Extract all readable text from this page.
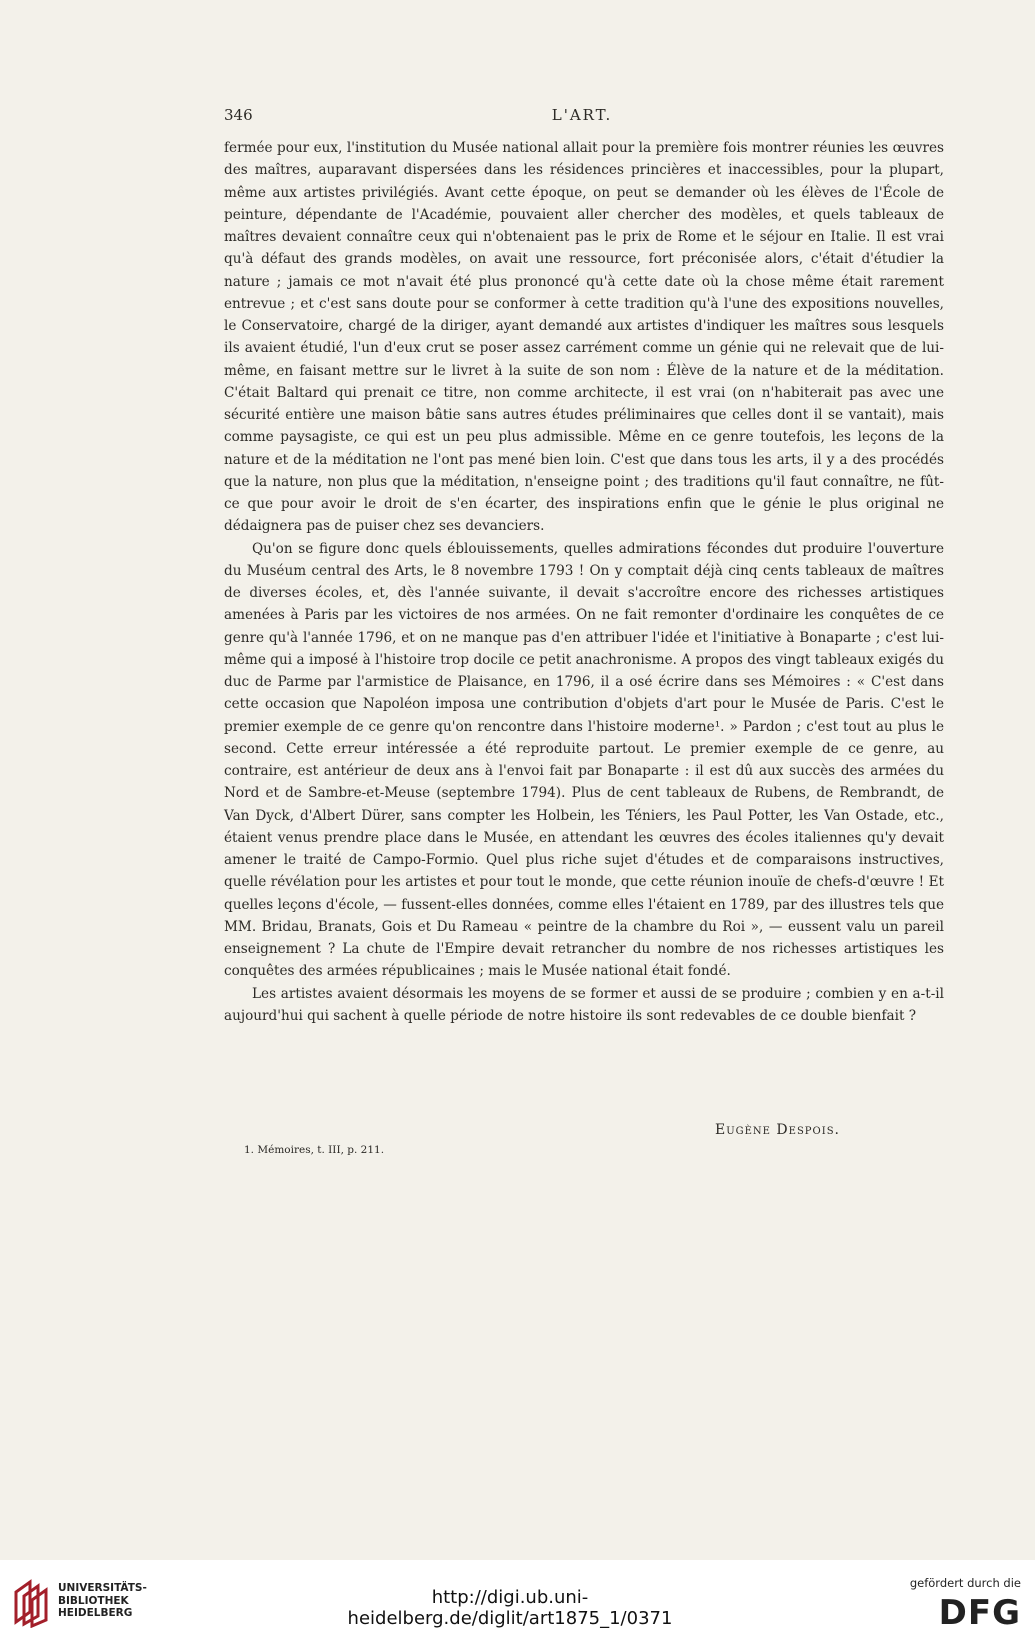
346	L'ART.

fermée pour eux, l'institution du Musée national allait pour la première fois montrer réunies les œuvres des maîtres, auparavant dispersées dans les résidences princières et inaccessibles, pour la plupart, même aux artistes privilégiés. Avant cette époque, on peut se demander où les élèves de l'École de peinture, dépendante de l'Académie, pouvaient aller chercher des modèles, et quels tableaux de maîtres devaient connaître ceux qui n'obtenaient pas le prix de Rome et le séjour en Italie. Il est vrai qu'à défaut des grands modèles, on avait une ressource, fort préconisée alors, c'était d'étudier la nature ; jamais ce mot n'avait été plus prononcé qu'à cette date où la chose même était rarement entrevue ; et c'est sans doute pour se conformer à cette tradition qu'à l'une des expositions nouvelles, le Conservatoire, chargé de la diriger, ayant demandé aux artistes d'indiquer les maîtres sous lesquels ils avaient étudié, l'un d'eux crut se poser assez carrément comme un génie qui ne relevait que de lui-même, en faisant mettre sur le livret à la suite de son nom : Élève de la nature et de la méditation. C'était Baltard qui prenait ce titre, non comme architecte, il est vrai (on n'habiterait pas avec une sécurité entière une maison bâtie sans autres études préliminaires que celles dont il se vantait), mais comme paysagiste, ce qui est un peu plus admissible. Même en ce genre toutefois, les leçons de la nature et de la méditation ne l'ont pas mené bien loin. C'est que dans tous les arts, il y a des procédés que la nature, non plus que la méditation, n'enseigne point ; des traditions qu'il faut connaître, ne fût-ce que pour avoir le droit de s'en écarter, des inspirations enfin que le génie le plus original ne dédaignera pas de puiser chez ses devanciers.

Qu'on se figure donc quels éblouissements, quelles admirations fécondes dut produire l'ouverture du Muséum central des Arts, le 8 novembre 1793 ! On y comptait déjà cinq cents tableaux de maîtres de diverses écoles, et, dès l'année suivante, il devait s'accroître encore des richesses artistiques amenées à Paris par les victoires de nos armées. On ne fait remonter d'ordinaire les conquêtes de ce genre qu'à l'année 1796, et on ne manque pas d'en attribuer l'idée et l'initiative à Bonaparte ; c'est lui-même qui a imposé à l'histoire trop docile ce petit anachronisme. A propos des vingt tableaux exigés du duc de Parme par l'armistice de Plaisance, en 1796, il a osé écrire dans ses Mémoires : « C'est dans cette occasion que Napoléon imposa une contribution d'objets d'art pour le Musée de Paris. C'est le premier exemple de ce genre qu'on rencontre dans l'histoire moderne¹. » Pardon ; c'est tout au plus le second. Cette erreur intéressée a été reproduite partout. Le premier exemple de ce genre, au contraire, est antérieur de deux ans à l'envoi fait par Bonaparte : il est dû aux succès des armées du Nord et de Sambre-et-Meuse (septembre 1794). Plus de cent tableaux de Rubens, de Rembrandt, de Van Dyck, d'Albert Dürer, sans compter les Holbein, les Téniers, les Paul Potter, les Van Ostade, etc., étaient venus prendre place dans le Musée, en attendant les œuvres des écoles italiennes qu'y devait amener le traité de Campo-Formio. Quel plus riche sujet d'études et de comparaisons instructives, quelle révélation pour les artistes et pour tout le monde, que cette réunion inouïe de chefs-d'œuvre ! Et quelles leçons d'école, — fussent-elles données, comme elles l'étaient en 1789, par des illustres tels que MM. Bridau, Branats, Gois et Du Rameau « peintre de la chambre du Roi », — eussent valu un pareil enseignement ? La chute de l'Empire devait retrancher du nombre de nos richesses artistiques les conquêtes des armées républicaines ; mais le Musée national était fondé.

Les artistes avaient désormais les moyens de se former et aussi de se produire ; combien y en a-t-il aujourd'hui qui sachent à quelle période de notre histoire ils sont redevables de ce double bienfait ?

Eugène Despois.
1. Mémoires, t. III, p. 211.
UNIVERSITÄTS-
BIBLIOTHEK
HEIDELBERG
http://digi.ub.uni-heidelberg.de/diglit/art1875_1/0371
gefördert durch die
DFG
